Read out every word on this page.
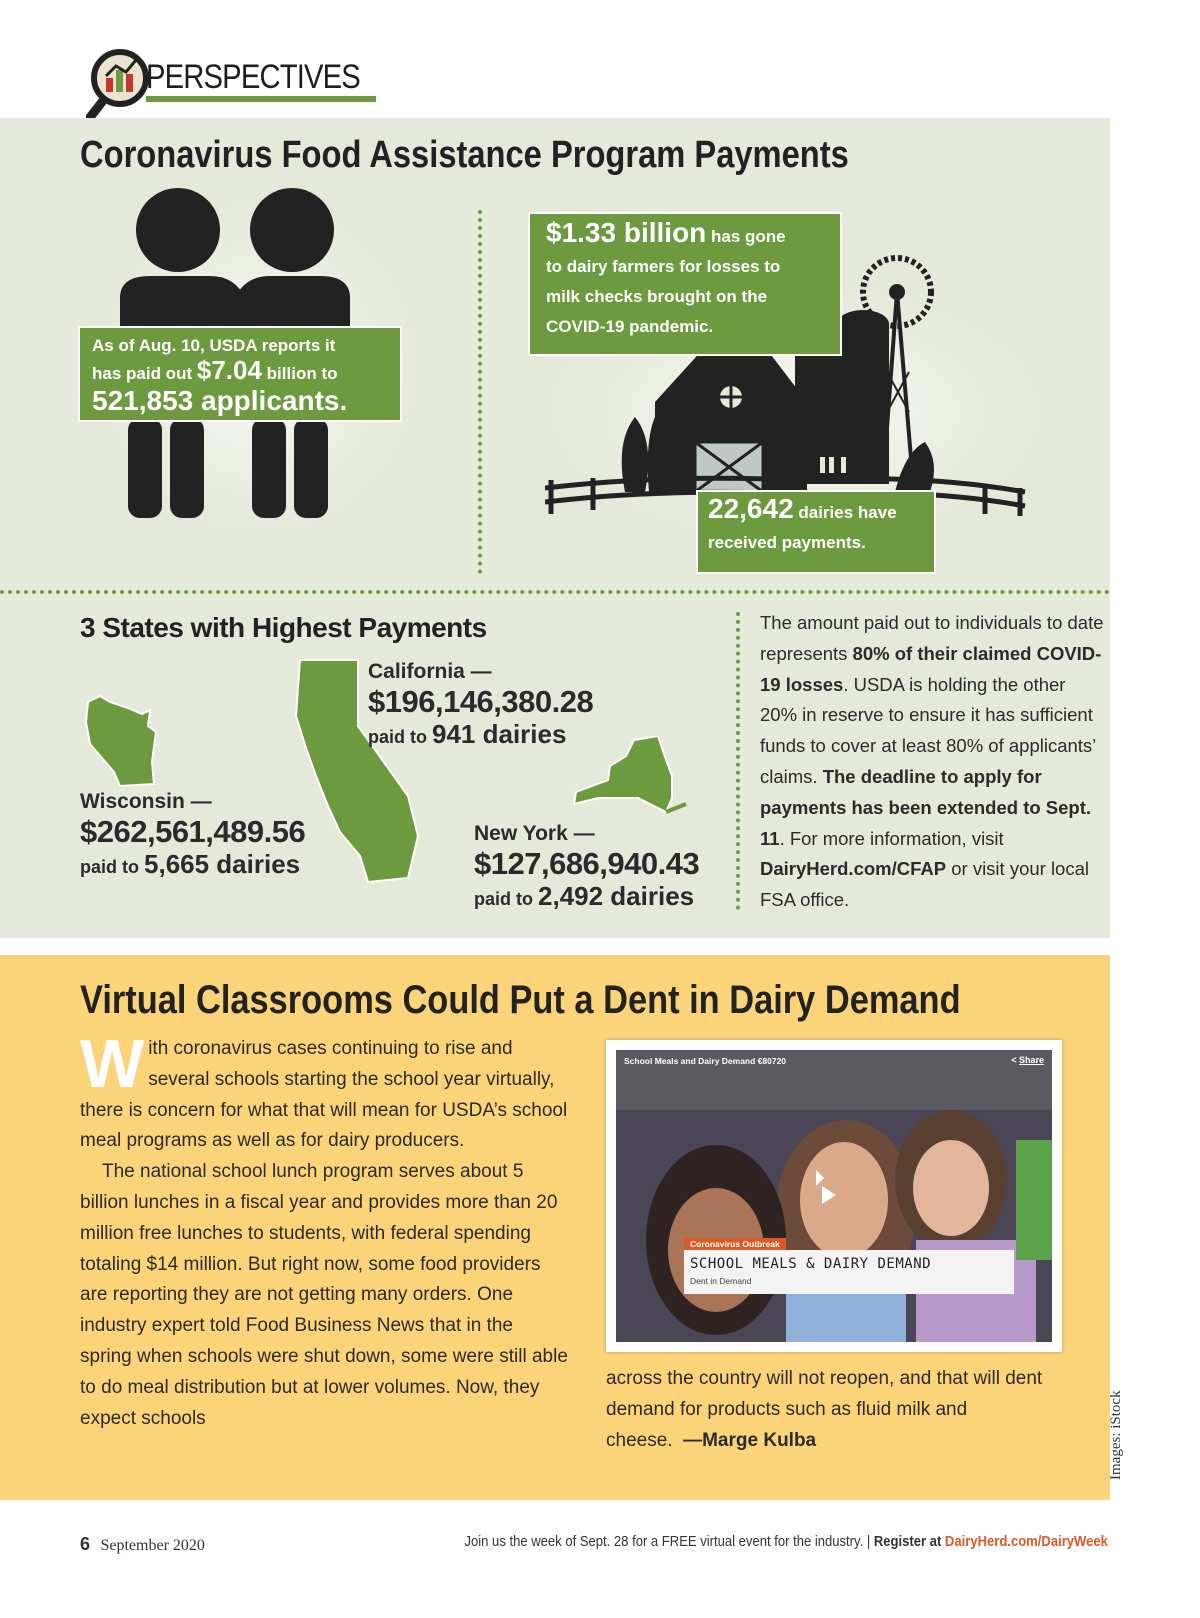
PERSPECTIVES
Coronavirus Food Assistance Program Payments
As of Aug. 10, USDA reports it
has paid out $7.04 billion to
521,853 applicants.
$1.33 billion has gone
to dairy farmers for losses to
milk checks brought on the
COVID-19 pandemic.
22,642 dairies have
received payments.
3 States with Highest Payments
California —
$196,146,380.28
paid to 941 dairies
Wisconsin —
$262,561,489.56
paid to 5,665 dairies
New York —
$127,686,940.43
paid to 2,492 dairies
The amount paid out to individuals to date represents 80% of their claimed COVID-19 losses. USDA is holding the other 20% in reserve to ensure it has sufficient funds to cover at least 80% of applicants’ claims. The deadline to apply for payments has been extended to Sept. 11. For more information, visit DairyHerd.com/CFAP or visit your local FSA office.
Virtual Classrooms Could Put a Dent in Dairy Demand
With coronavirus cases continuing to rise and several schools starting the school year virtually, there is concern for what that will mean for USDA’s school meal programs as well as for dairy producers.
The national school lunch program serves about 5 billion lunches in a fiscal year and provides more than 20 million free lunches to students, with federal spending totaling $14 million. But right now, some food providers are reporting they are not getting many orders. One industry expert told Food Business News that in the spring when schools were shut down, some were still able to do meal distribution but at lower volumes. Now, they expect schools
School Meals and Dairy Demand €80720	< Share
Coronavirus Outbreak
SCHOOL MEALS & DAIRY DEMAND
Dent in Demand
across the country will not reopen, and that will dent demand for products such as fluid milk and cheese. —Marge Kulba	Images: iStock
6 September 2020	Join us the week of Sept. 28 for a FREE virtual event for the industry. | Register at DairyHerd.com/DairyWeek
